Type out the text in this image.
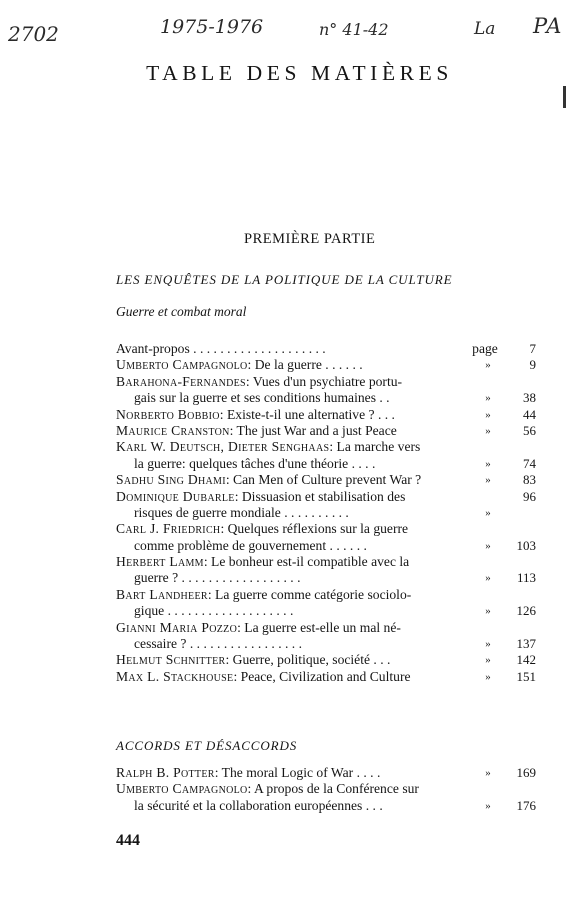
2702	1975-1976	n° 41-42	La PA
TABLE DES MATIÈRES
PREMIÈRE PARTIE
LES ENQUÊTES DE LA POLITIQUE DE LA CULTURE
Guerre et combat moral
Avant-propos . . . . . . . . . . . . . . . . . . . .	page	7
Umberto Campagnolo: De la guerre . . . . . .	»	9
Barahona-Fernandes: Vues d'un psychiatre portu-
gais sur la guerre et ses conditions humaines . .	»	38
Norberto Bobbio: Existe-t-il une alternative ? . . .	»	44
Maurice Cranston: The just War and a just Peace	»	56
Karl W. Deutsch, Dieter Senghaas: La marche vers
la guerre: quelques tâches d'une théorie . . . .	»	74
Sadhu Sing Dhami: Can Men of Culture prevent War ?	»	83
Dominique Dubarle: Dissuasion et stabilisation des	96
risques de guerre mondiale . . . . . . . . . .	»
Carl J. Friedrich: Quelques réflexions sur la guerre
comme problème de gouvernement . . . . . .	»	103
Herbert Lamm: Le bonheur est-il compatible avec la
guerre ? . . . . . . . . . . . . . . . . . .	»	113
Bart Landheer: La guerre comme catégorie sociolo-
gique . . . . . . . . . . . . . . . . . . .	»	126
Gianni Maria Pozzo: La guerre est-elle un mal né-
cessaire ? . . . . . . . . . . . . . . . . .	»	137
Helmut Schnitter: Guerre, politique, société . . .	»	142
Max L. Stackhouse: Peace, Civilization and Culture	»	151
ACCORDS ET DÉSACCORDS
Ralph B. Potter: The moral Logic of War . . . .	»	169
Umberto Campagnolo: A propos de la Conférence sur
la sécurité et la collaboration européennes . . .	»	176
444
